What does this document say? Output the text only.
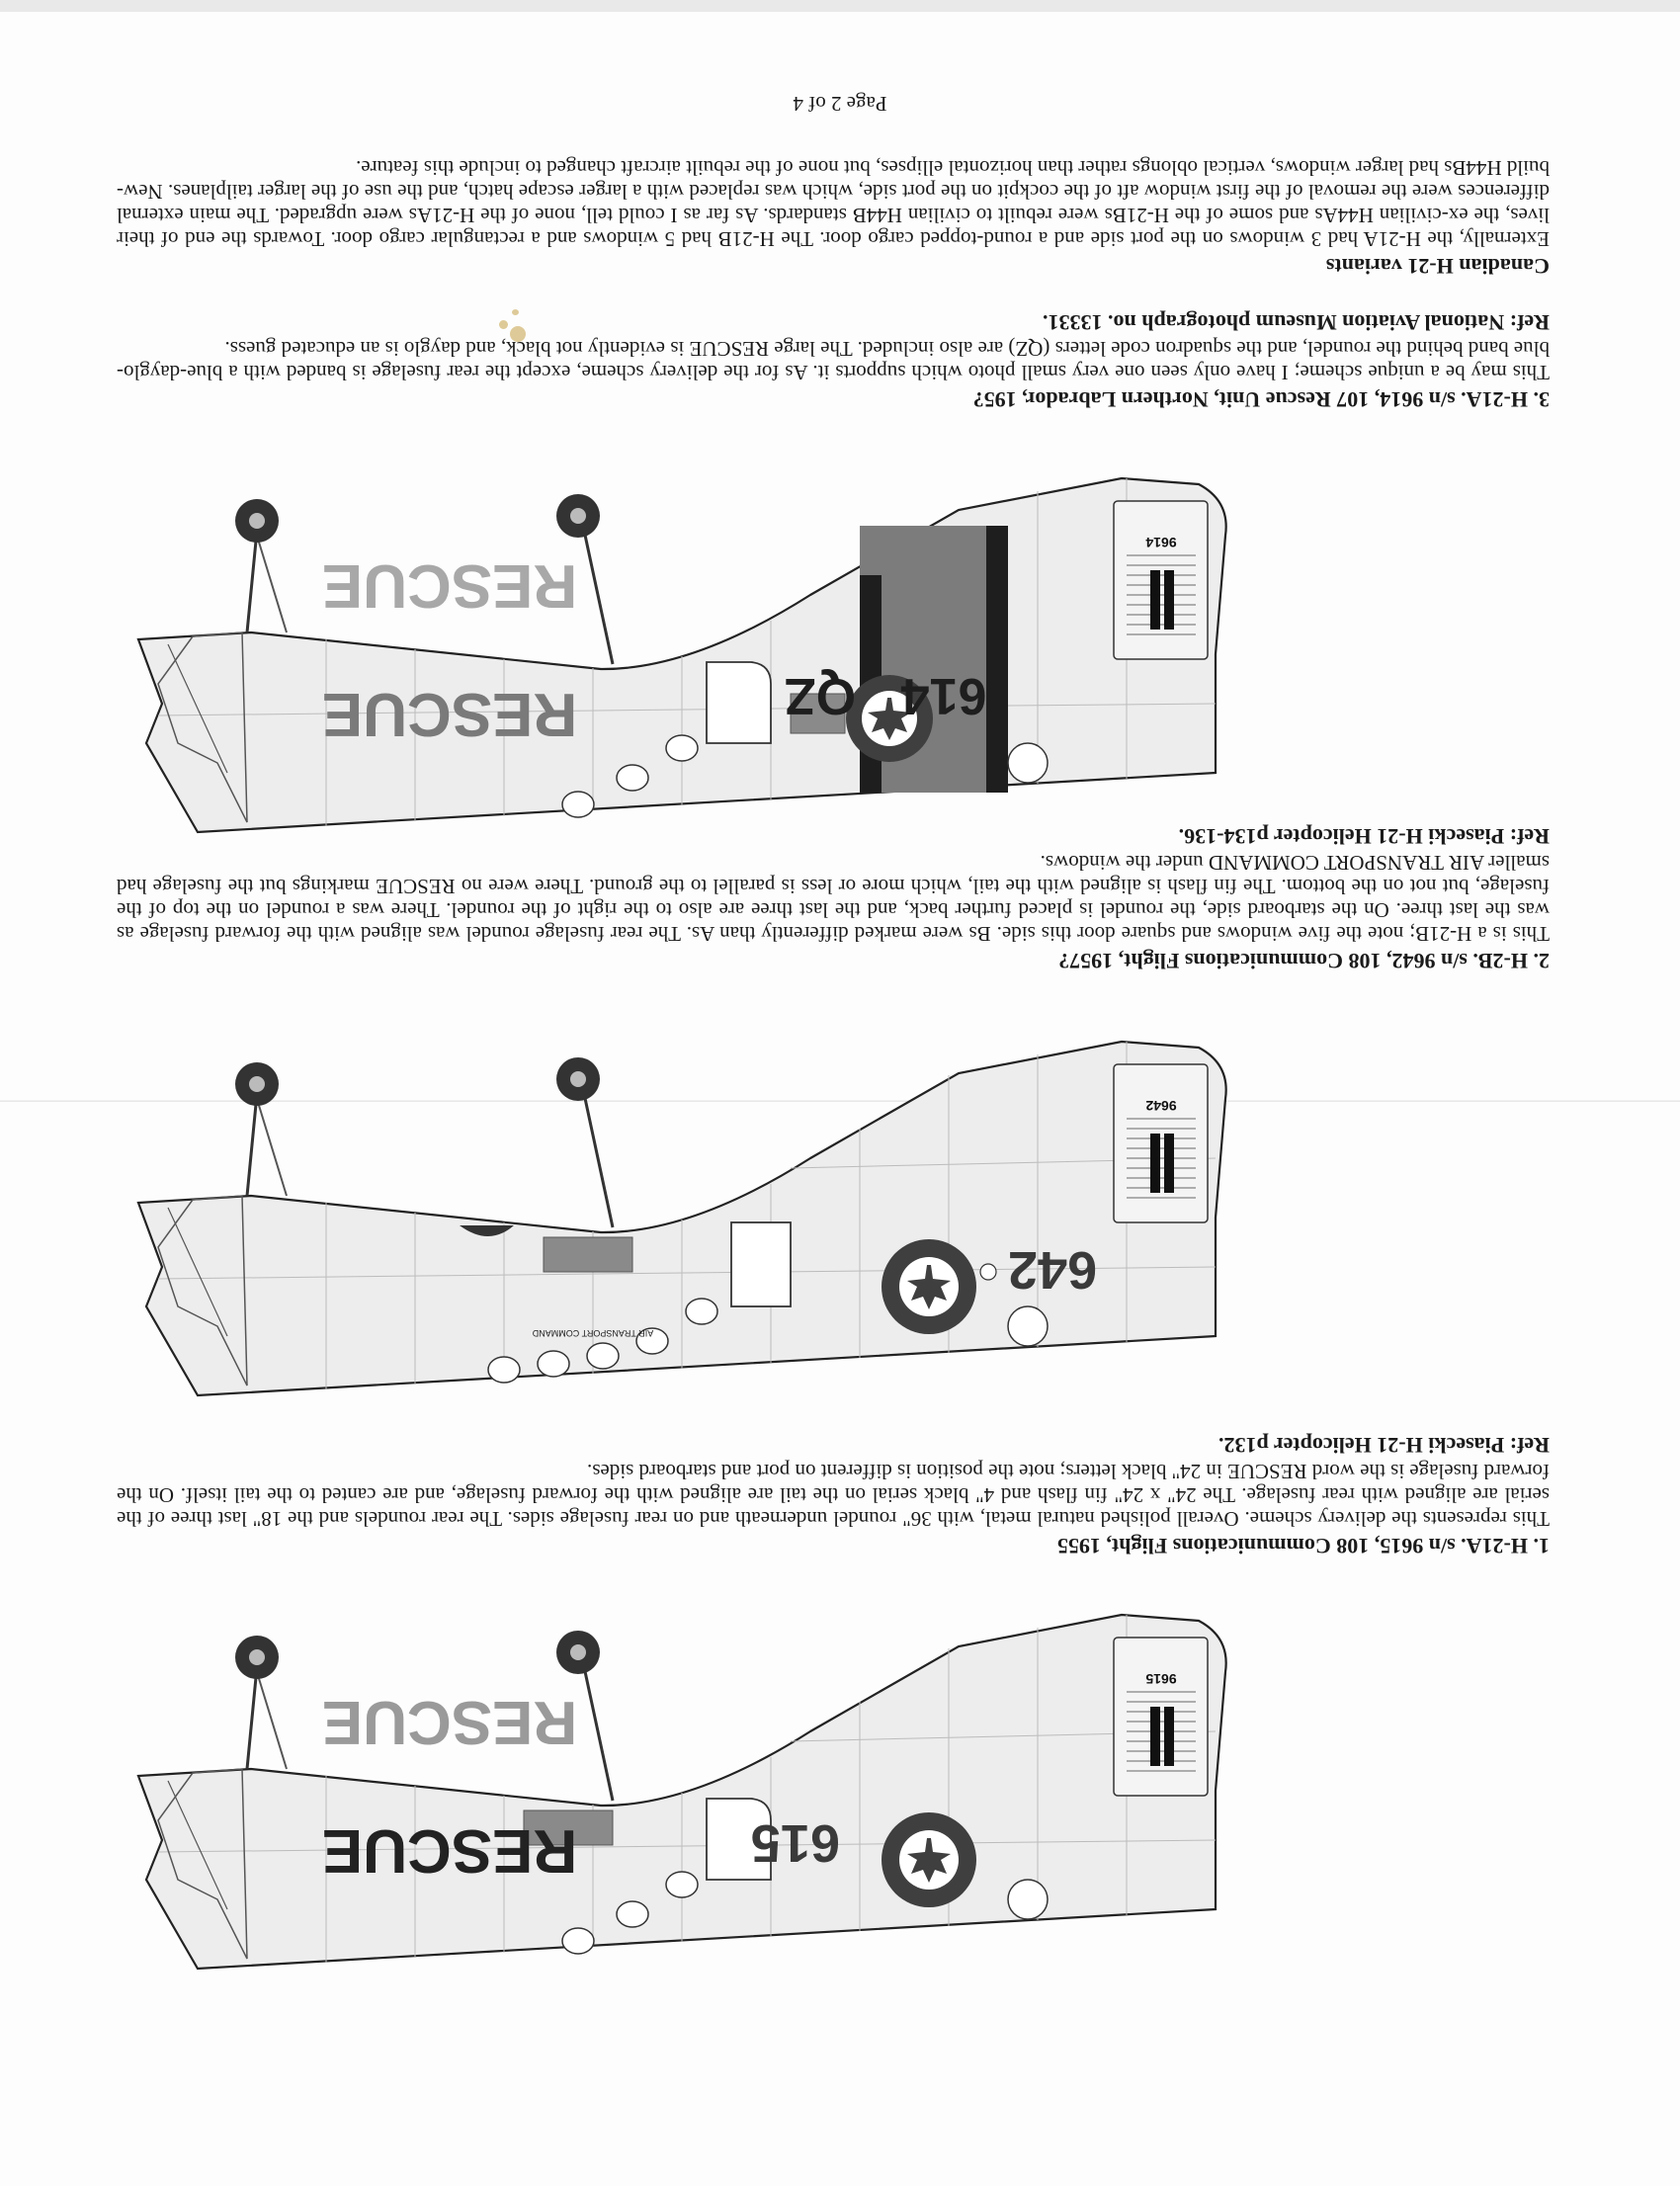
9615
615
RESCUE
RESCUE

1. H-21A. s/n 9615, 108 Communications Flight, 1955

This represents the delivery scheme. Overall polished natural metal, with 36" roundel underneath and on rear fuselage sides. The rear roundels and the 18" last three of the serial are aligned with rear fuselage. The 24" x 24" fin flash and 4" black serial on the tail are aligned with the forward fuselage, and are canted to the tail itself. On the forward fuselage is the word RESCUE in 24" black letters; note the position is different on port and starboard sides.

Ref: Piasecki H-21 Helicopter p132.

AIR TRANSPORT COMMAND
9642
642

2. H-2B. s/n 9642, 108 Communications Flight, 1957?

This is a H-21B; note the five windows and square door this side. Bs were marked differently than As. The rear fuselage roundel was aligned with the forward fuselage as was the last three. On the starboard side, the roundel is placed further back, and the last three are also to the right of the roundel. There was a roundel on the top of the fuselage, but not on the bottom. The fin flash is aligned with the tail, which more or less is parallel to the ground. There were no RESCUE markings but the fuselage had smaller AIR TRANSPORT COMMAND under the windows.

Ref: Piasecki H-21 Helicopter p134-136.

9614
614
QZ
RESCUE
RESCUE

3. H-21A. s/n 9614, 107 Rescue Unit, Northern Labrador, 195?

This may be a unique scheme; I have only seen one very small photo which supports it. As for the delivery scheme, except the rear fuselage is banded with a blue-dayglo-blue band behind the roundel, and the squadron code letters (QZ) are also included. The large RESCUE is evidently not black, and dayglo is an educated guess.

Ref: National Aviation Museum photograph no. 13331.

Canadian H-21 variants

Externally, the H-21A had 3 windows on the port side and a round-topped cargo door. The H-21B had 5 windows and a rectangular cargo door. Towards the end of their lives, the ex-civilian H44As and some of the H-21Bs were rebuilt to civilian H44B standards. As far as I could tell, none of the H-21As were upgraded. The main external differences were the removal of the first window aft of the cockpit on the port side, which was replaced with a larger escape hatch, and the use of the larger tailplanes. New-build H44Bs had larger windows, vertical oblongs rather than horizontal ellipses, but none of the rebuilt aircraft changed to include this feature.

Page 2 of 4
